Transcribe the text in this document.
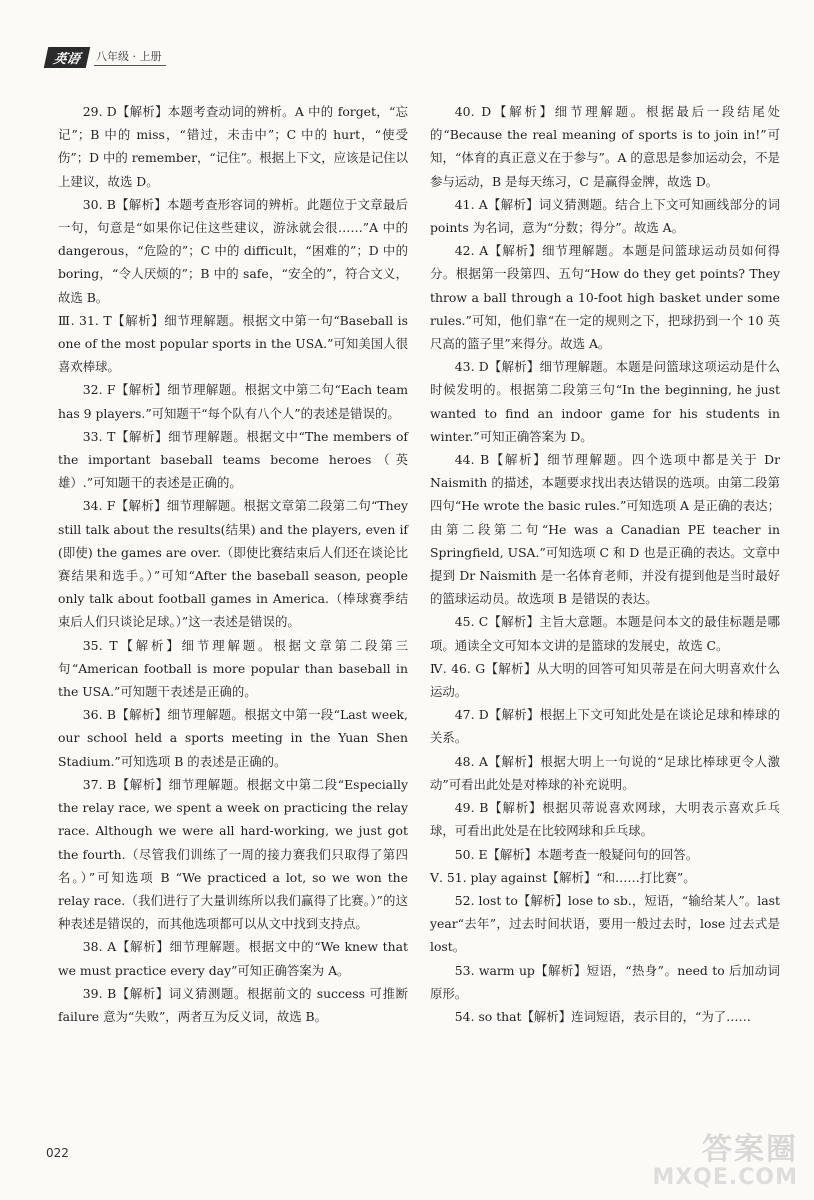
英语	八年级 · 上册

29. D【解析】本题考查动词的辨析。A 中的 forget，“忘记”；B 中的 miss，“错过，未击中”；C 中的 hurt，“使受伤”；D 中的 remember，“记住”。根据上下文，应该是记住以上建议，故选 D。

30. B【解析】本题考查形容词的辨析。此题位于文章最后一句，句意是“如果你记住这些建议，游泳就会很……”A 中的 dangerous，“危险的”；C 中的 difficult，“困难的”；D 中的 boring，“令人厌烦的”；B 中的 safe，“安全的”，符合文义，故选 B。

Ⅲ. 31. T【解析】细节理解题。根据文中第一句“Baseball is one of the most popular sports in the USA.”可知美国人很喜欢棒球。

32. F【解析】细节理解题。根据文中第二句“Each team has 9 players.”可知题干“每个队有八个人”的表述是错误的。

33. T【解析】细节理解题。根据文中“The members of the important baseball teams become heroes（英雄）.”可知题干的表述是正确的。

34. F【解析】细节理解题。根据文章第二段第二句“They still talk about the results(结果) and the players, even if (即使) the games are over.（即使比赛结束后人们还在谈论比赛结果和选手。）”可知“After the baseball season, people only talk about football games in America.（棒球赛季结束后人们只谈论足球。）”这一表述是错误的。

35. T【解析】细节理解题。根据文章第二段第三句“American football is more popular than baseball in the USA.”可知题干表述是正确的。

36. B【解析】细节理解题。根据文中第一段“Last week, our school held a sports meeting in the Yuan Shen Stadium.”可知选项 B 的表述是正确的。

37. B【解析】细节理解题。根据文中第二段“Especially the relay race, we spent a week on practicing the relay race. Although we were all hard-working, we just got the fourth.（尽管我们训练了一周的接力赛我们只取得了第四名。）”可知选项 B “We practiced a lot, so we won the relay race.（我们进行了大量训练所以我们赢得了比赛。）”的这种表述是错误的，而其他选项都可以从文中找到支持点。

38. A【解析】细节理解题。根据文中的“We knew that we must practice every day”可知正确答案为 A。

39. B【解析】词义猜测题。根据前文的 success 可推断 failure 意为“失败”，两者互为反义词，故选 B。

40. D【解析】细节理解题。根据最后一段结尾处的“Because the real meaning of sports is to join in!”可知，“体育的真正意义在于参与”。A 的意思是参加运动会，不是参与运动，B 是每天练习，C 是赢得金牌，故选 D。

41. A【解析】词义猜测题。结合上下文可知画线部分的词 points 为名词，意为“分数；得分”。故选 A。

42. A【解析】细节理解题。本题是问篮球运动员如何得分。根据第一段第四、五句“How do they get points? They throw a ball through a 10-foot high basket under some rules.”可知，他们靠“在一定的规则之下，把球扔到一个 10 英尺高的篮子里”来得分。故选 A。

43. D【解析】细节理解题。本题是问篮球这项运动是什么时候发明的。根据第二段第三句“In the beginning, he just wanted to find an indoor game for his students in winter.”可知正确答案为 D。

44. B【解析】细节理解题。四个选项中都是关于 Dr Naismith 的描述，本题要求找出表达错误的选项。由第二段第四句“He wrote the basic rules.”可知选项 A 是正确的表达；由第二段第二句“He was a Canadian PE teacher in Springfield, USA.”可知选项 C 和 D 也是正确的表达。文章中提到 Dr Naismith 是一名体育老师，并没有提到他是当时最好的篮球运动员。故选项 B 是错误的表达。

45. C【解析】主旨大意题。本题是问本文的最佳标题是哪项。通读全文可知本文讲的是篮球的发展史，故选 C。

Ⅳ. 46. G【解析】从大明的回答可知贝蒂是在问大明喜欢什么运动。

47. D【解析】根据上下文可知此处是在谈论足球和棒球的关系。

48. A【解析】根据大明上一句说的“足球比棒球更令人激动”可看出此处是对棒球的补充说明。

49. B【解析】根据贝蒂说喜欢网球，大明表示喜欢乒乓球，可看出此处是在比较网球和乒乓球。

50. E【解析】本题考查一般疑问句的回答。

Ⅴ. 51. play against【解析】“和……打比赛”。

52. lost to【解析】lose to sb.，短语，“输给某人”。last year“去年”，过去时间状语，要用一般过去时，lose 过去式是 lost。

53. warm up【解析】短语，“热身”。need to 后加动词原形。

54. so that【解析】连词短语，表示目的，“为了……

022	答案圈
MXQE.COM
